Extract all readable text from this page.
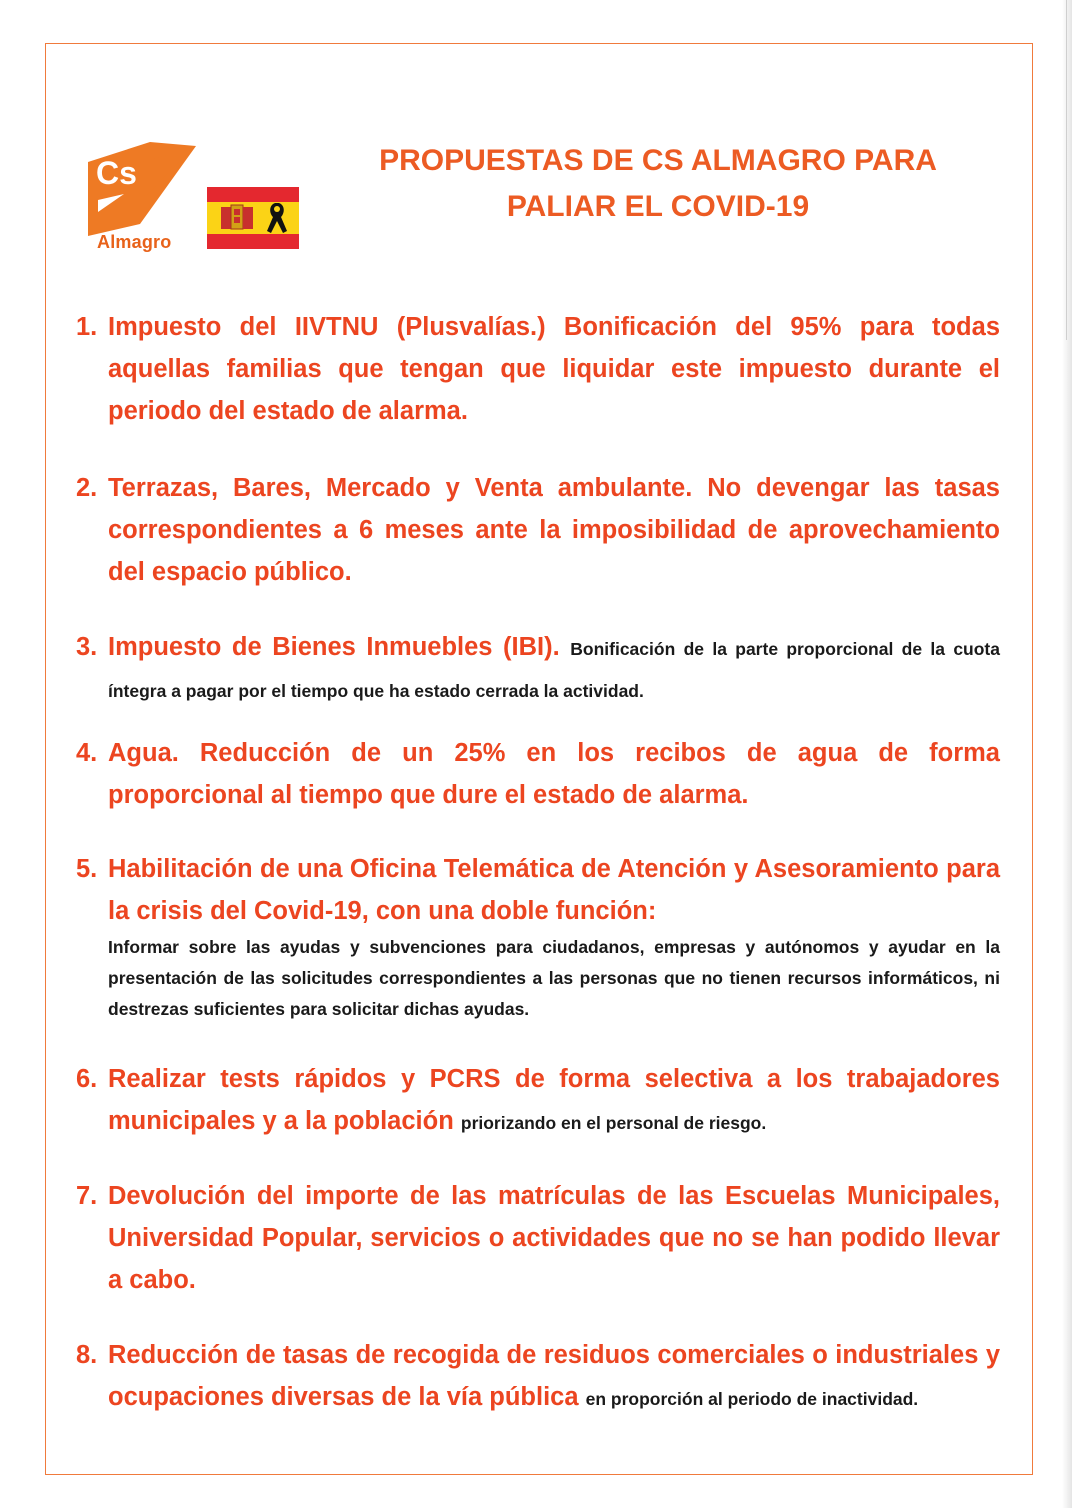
Cs
Almagro
PROPUESTAS DE CS ALMAGRO PARA
PALIAR EL COVID-19
1. Impuesto del IIVTNU (Plusvalías.) Bonificación del 95% para todas aquellas familias que tengan que liquidar este impuesto durante el periodo del estado de alarma.
2. Terrazas, Bares, Mercado y Venta ambulante. No devengar las tasas correspondientes a 6 meses ante la imposibilidad de aprovechamiento del espacio público.
3. Impuesto de Bienes Inmuebles (IBI). Bonificación de la parte proporcional de la cuota íntegra a pagar por el tiempo que ha estado cerrada la actividad.
4. Agua. Reducción de un 25% en los recibos de agua de forma proporcional al tiempo que dure el estado de alarma.
5. Habilitación de una Oficina Telemática de Atención y Asesoramiento para la crisis del Covid-19, con una doble función:
Informar sobre las ayudas y subvenciones para ciudadanos, empresas y autónomos y ayudar en la presentación de las solicitudes correspondientes a las personas que no tienen recursos informáticos, ni destrezas suficientes para solicitar dichas ayudas.
6. Realizar tests rápidos y PCRS de forma selectiva a los trabajadores municipales y a la población priorizando en el personal de riesgo.
7. Devolución del importe de las matrículas de las Escuelas Municipales, Universidad Popular, servicios o actividades que no se han podido llevar a cabo.
8. Reducción de tasas de recogida de residuos comerciales o industriales y ocupaciones diversas de la vía pública en proporción al periodo de inactividad.
